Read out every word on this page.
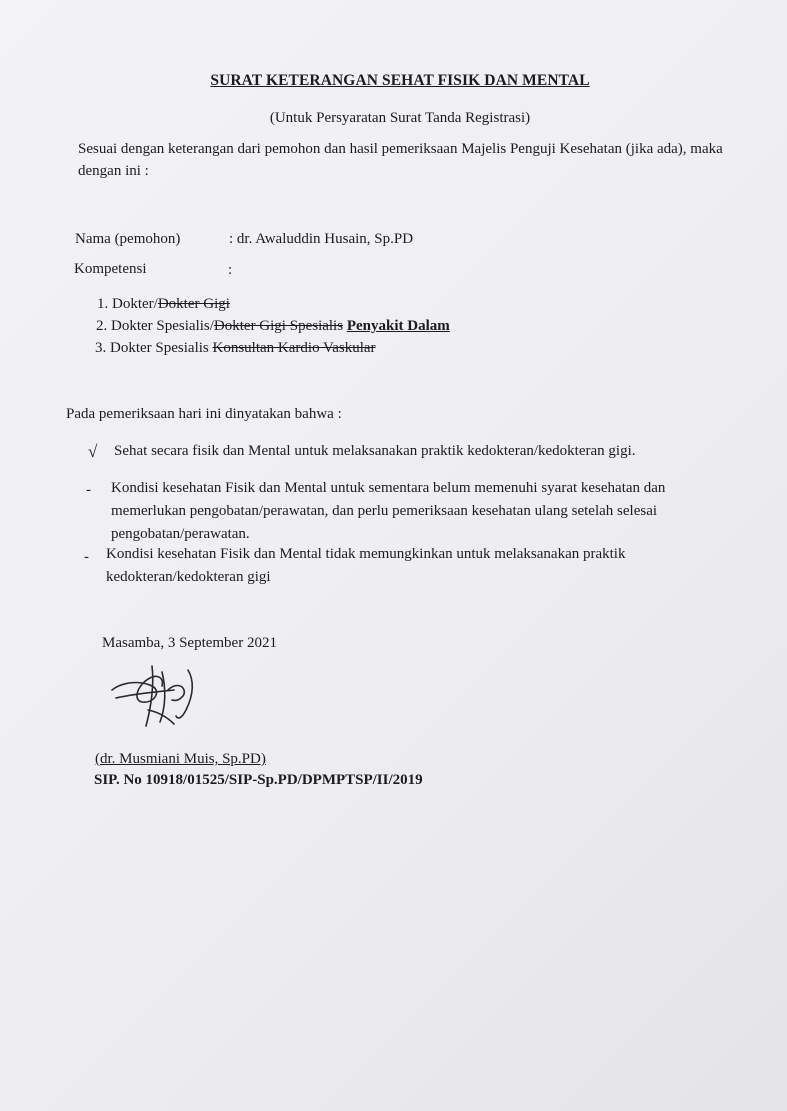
SURAT KETERANGAN SEHAT FISIK DAN MENTAL
(Untuk Persyaratan Surat Tanda Registrasi)
Sesuai dengan keterangan dari pemohon dan hasil pemeriksaan Majelis Penguji Kesehatan (jika ada), maka dengan ini :
Nama (pemohon)	: dr. Awaluddin Husain, Sp.PD
Kompetensi	:
1. Dokter/Dokter Gigi
2. Dokter Spesialis/Dokter Gigi Spesialis Penyakit Dalam
3. Dokter Spesialis Konsultan Kardio Vaskular
Pada pemeriksaan hari ini dinyatakan bahwa :
√ Sehat secara fisik dan Mental untuk melaksanakan praktik kedokteran/kedokteran gigi.
- Kondisi kesehatan Fisik dan Mental untuk sementara belum memenuhi syarat kesehatan dan memerlukan pengobatan/perawatan, dan perlu pemeriksaan kesehatan ulang setelah selesai pengobatan/perawatan.
- Kondisi kesehatan Fisik dan Mental tidak memungkinkan untuk melaksanakan praktik kedokteran/kedokteran gigi
Masamba, 3 September 2021
(dr. Musmiani Muis, Sp.PD)
SIP. No 10918/01525/SIP-Sp.PD/DPMPTSP/II/2019
